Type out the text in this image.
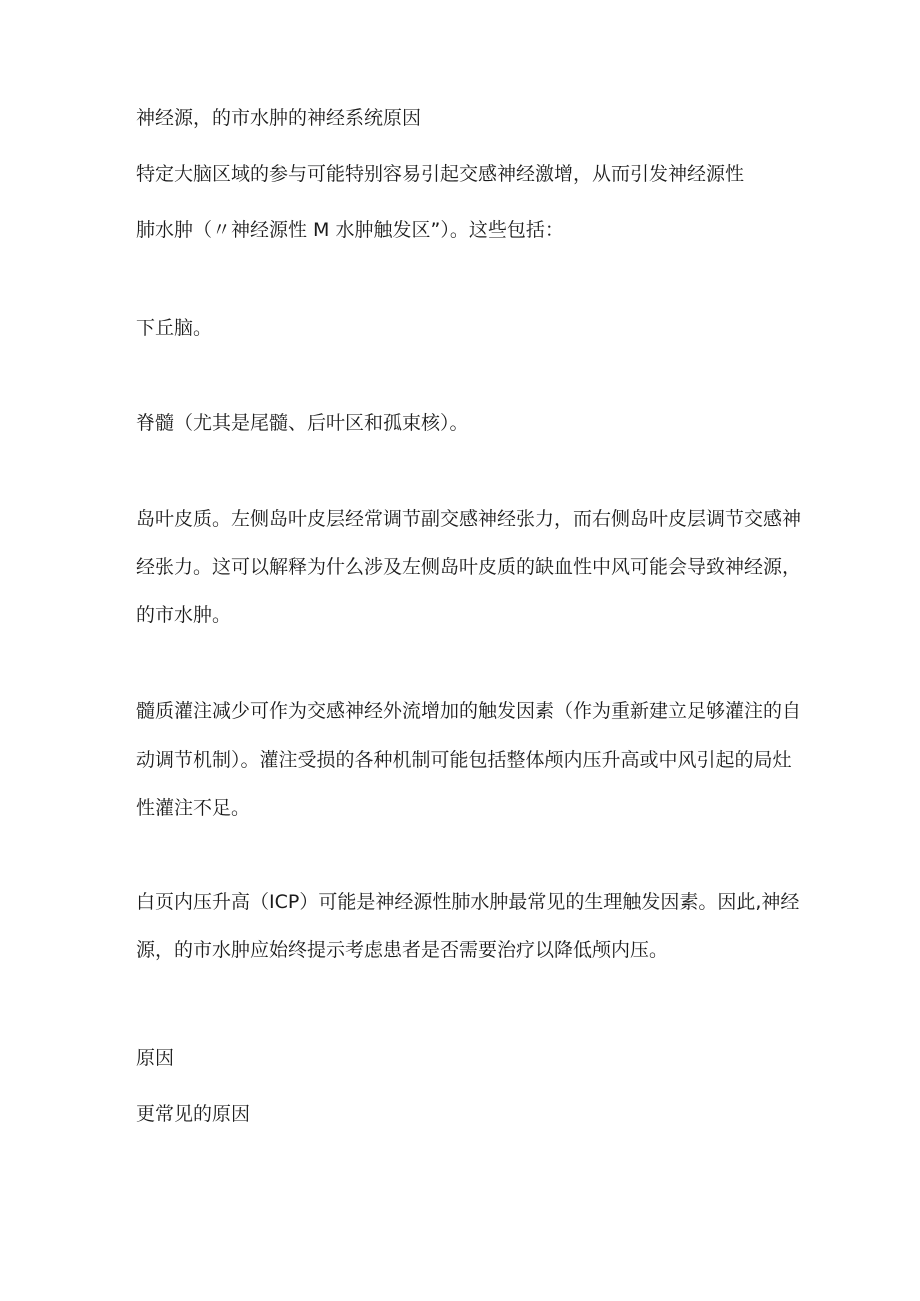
神经源，的市水肿的神经系统原因

特定大脑区域的参与可能特别容易引起交感神经激增，从而引发神经源性

肺水肿（〃神经源性 M 水肿触发区”）。这些包括：

下丘脑。

脊髓（尤其是尾髓、后叶区和孤束核）。

岛叶皮质。左侧岛叶皮层经常调节副交感神经张力，而右侧岛叶皮层调节交感神

经张力。这可以解释为什么涉及左侧岛叶皮质的缺血性中风可能会导致神经源，

的市水肿。

髓质灌注减少可作为交感神经外流增加的触发因素（作为重新建立足够灌注的自

动调节机制）。灌注受损的各种机制可能包括整体颅内压升高或中风引起的局灶

性灌注不足。

白页内压升高（ICP）可能是神经源性肺水肿最常见的生理触发因素。因此,神经

源，的市水肿应始终提示考虑患者是否需要治疗以降低颅内压。

原因

更常见的原因
